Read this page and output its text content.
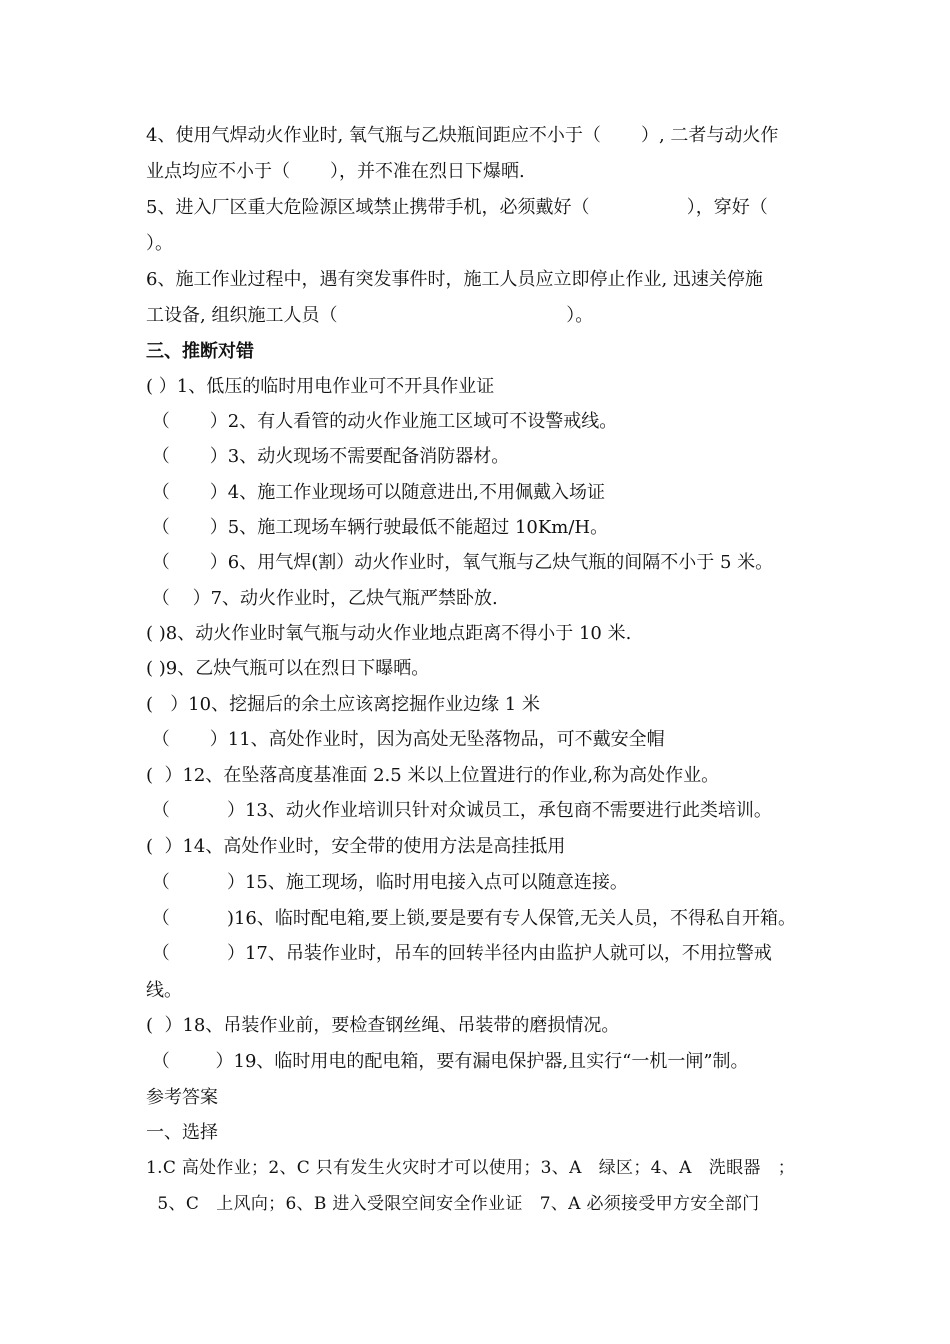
4、使用气焊动火作业时, 氧气瓶与乙炔瓶间距应不小于（       ）, 二者与动火作
业点均应不小于（       ），并不准在烈日下爆晒.
5、进入厂区重大危险源区域禁止携带手机，必须戴好（                 ），穿好（
）。
6、施工作业过程中，遇有突发事件时，施工人员应立即停止作业, 迅速关停施
工设备, 组织施工人员（                                        ）。
三、推断对错
( ）1、低压的临时用电作业可不开具作业证
（       ）2、有人看管的动火作业施工区域可不设警戒线。
（       ）3、动火现场不需要配备消防器材。
（       ）4、施工作业现场可以随意进出,不用佩戴入场证
（       ）5、施工现场车辆行驶最低不能超过 10Km/H。
（       ）6、用气焊(割）动火作业时，氧气瓶与乙炔气瓶的间隔不小于 5 米。
（    ）7、动火作业时，乙炔气瓶严禁卧放.
( )8、动火作业时氧气瓶与动火作业地点距离不得小于 10 米.
( )9、乙炔气瓶可以在烈日下曝晒。
(   ）10、挖掘后的余土应该离挖掘作业边缘 1 米
（       ）11、高处作业时，因为高处无坠落物品，可不戴安全帽
(  ）12、在坠落高度基准面 2.5 米以上位置进行的作业,称为高处作业。
（          ）13、动火作业培训只针对众诚员工，承包商不需要进行此类培训。
(  ）14、高处作业时，安全带的使用方法是高挂抵用
（          ）15、施工现场，临时用电接入点可以随意连接。
（          )16、临时配电箱,要上锁,要是要有专人保管,无关人员，不得私自开箱。
（          ）17、吊装作业时，吊车的回转半径内由监护人就可以，不用拉警戒
线。
(  ）18、吊装作业前，要检查钢丝绳、吊装带的磨损情况。
（        ）19、临时用电的配电箱，要有漏电保护器,且实行“一机一闸”制。
参考答案
一、选择
1.C 高处作业；2、C 只有发生火灾时才可以使用；3、A   绿区；4、A   洗眼器   ；
5、C   上风向；6、B 进入受限空间安全作业证   7、A 必须接受甲方安全部门
